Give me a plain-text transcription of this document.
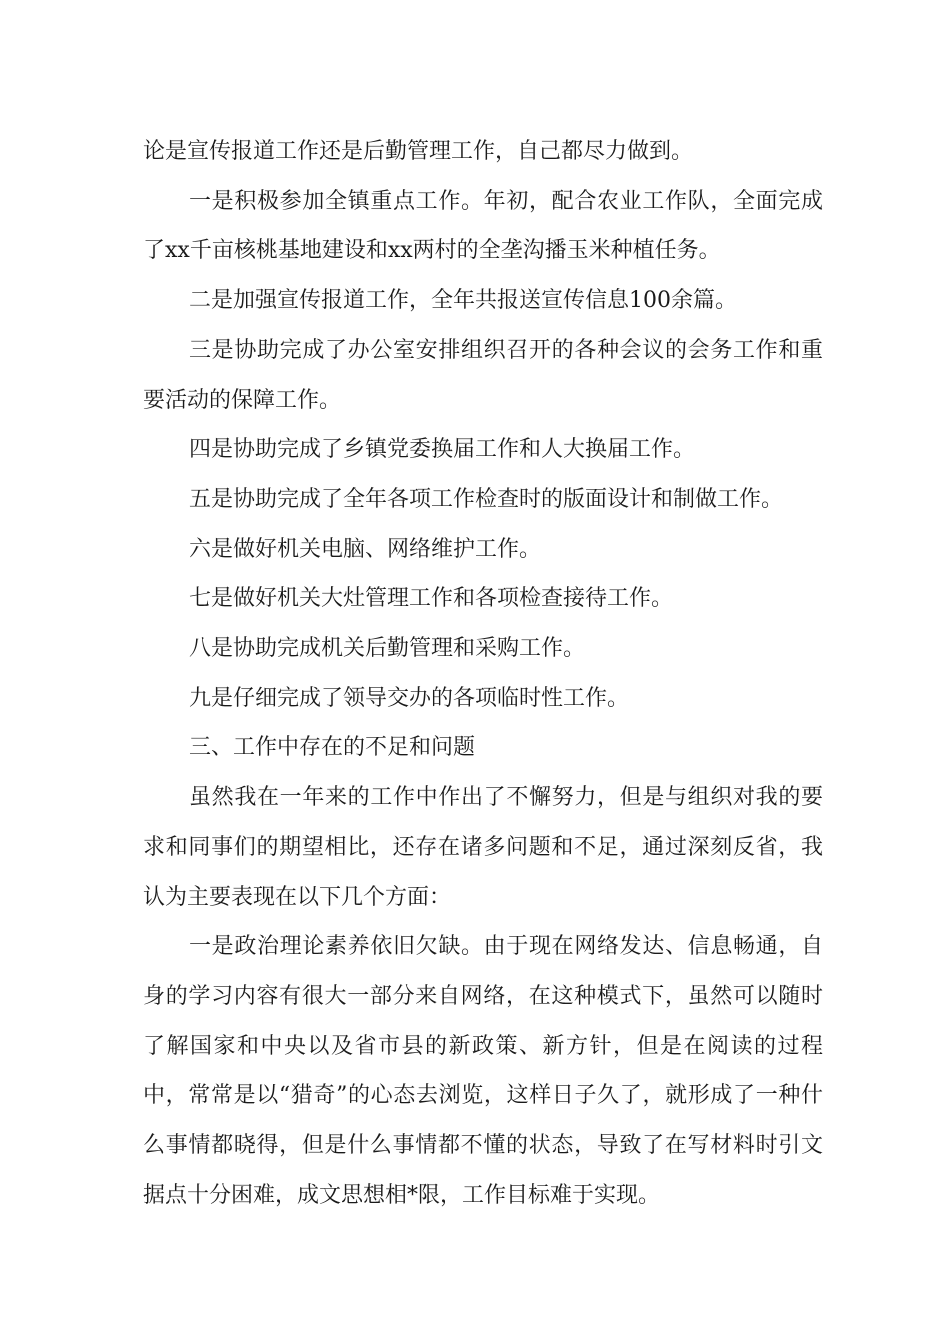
论是宣传报道工作还是后勤管理工作，自己都尽力做到。

一是积极参加全镇重点工作。年初，配合农业工作队，全面完成了xx千亩核桃基地建设和xx两村的全垄沟播玉米种植任务。

二是加强宣传报道工作，全年共报送宣传信息100余篇。

三是协助完成了办公室安排组织召开的各种会议的会务工作和重要活动的保障工作。

四是协助完成了乡镇党委换届工作和人大换届工作。

五是协助完成了全年各项工作检查时的版面设计和制做工作。

六是做好机关电脑、网络维护工作。

七是做好机关大灶管理工作和各项检查接待工作。

八是协助完成机关后勤管理和采购工作。

九是仔细完成了领导交办的各项临时性工作。

三、工作中存在的不足和问题

虽然我在一年来的工作中作出了不懈努力，但是与组织对我的要求和同事们的期望相比，还存在诸多问题和不足，通过深刻反省，我认为主要表现在以下几个方面：

一是政治理论素养依旧欠缺。由于现在网络发达、信息畅通，自身的学习内容有很大一部分来自网络，在这种模式下，虽然可以随时了解国家和中央以及省市县的新政策、新方针，但是在阅读的过程中，常常是以“猎奇”的心态去浏览，这样日子久了，就形成了一种什么事情都晓得，但是什么事情都不懂的状态，导致了在写材料时引文据点十分困难，成文思想相*限，工作目标难于实现。
